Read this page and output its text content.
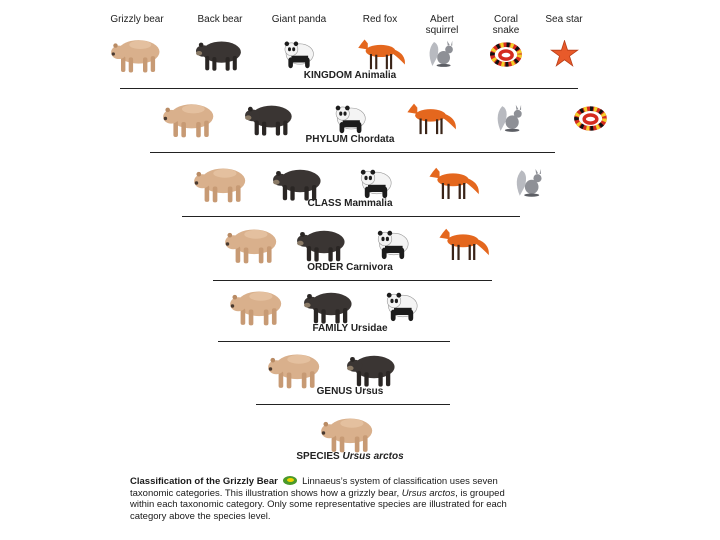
Grizzly bear	Back bear	Giant panda	Red fox	Abert
squirrel
Coral
snake
Sea star
KINGDOM Animalia
PHYLUM Chordata
CLASS Mammalia
ORDER Carnivora
FAMILY Ursidae
GENUS Ursus
SPECIES Ursus arctos
Classification of the Grizzly Bear	Linnaeus’s system of classification uses seven taxonomic categories. This illustration shows how a grizzly bear, Ursus arctos, is grouped within each taxonomic category. Only some representative species are illustrated for each category above the species level.
